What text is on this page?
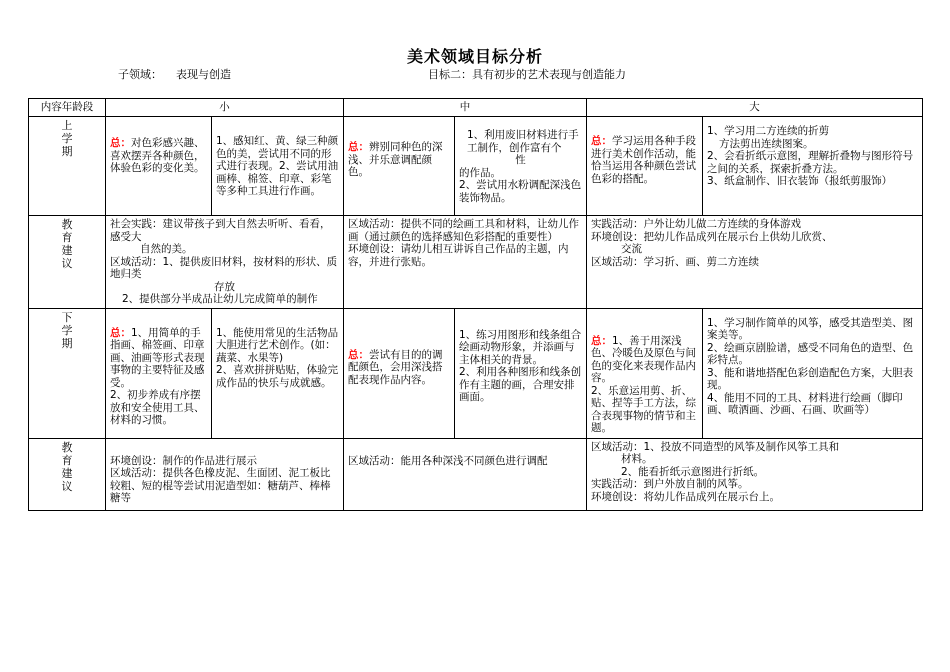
美术领域目标分析
子领域： 表现与创造	目标二：具有初步的艺术表现与创造能力
内容年龄段	小		中		大	
上学期	总：对色彩感兴趣、喜欢摆弄各种颜色，体验色彩的变化美。	1、感知红、黄、绿三种颜色的美，尝试用不同的形式进行表现。2、尝试用油画棒、棉签、印章、彩笔等多种工具进行作画。	总：辨别同种色的深浅、并乐意调配颜色。	1、利用废旧材料进行手工制作，创作富有个
性
的作品。
2、尝试用水粉调配深浅色装饰物品。	总：学习运用各种手段进行美术创作活动，能恰当运用各种颜色尝试色彩的搭配。	1、学习用二方连续的折剪
方法剪出连续图案。
2、会看折纸示意图，理解折叠物与图形符号之间的关系，探索折叠方法。
3、纸盒制作、旧衣装饰（报纸剪服饰）

教育建议	社会实践：建议带孩子到大自然去听听、看看，感受大
自然的美。
区域活动：1、提供废旧材料，按材料的形状、质地归类
存放
2、提供部分半成品让幼儿完成简单的制作		区域活动：提供不同的绘画工具和材料，让幼儿作画（通过颜色的选择感知色彩搭配的重要性）
环境创设：请幼儿相互讲诉自己作品的主题，内容，并进行张贴。		实践活动：户外让幼儿做二方连续的身体游戏
环境创设：把幼儿作品成列在展示台上供幼儿欣赏、
交流
区域活动：学习折、画、剪二方连续	

下学期	总：1、用简单的手指画、棉签画、印章画、油画等形式表现事物的主要特征及感受。
2、初步养成有序摆放和安全使用工具、材料的习惯。	1、能使用常见的生活物品大胆进行艺术创作。(如：蔬菜、水果等)
2、喜欢拼拼贴贴，体验完成作品的快乐与成就感。	总：尝试有目的的调配颜色，会用深浅搭配表现作品内容。	1、练习用图形和线条组合绘画动物形象，并添画与主体相关的背景。
2、利用各种图形和线条创作有主题的画，合理安排画面。	总：1、善于用深浅色、冷暖色及原色与间色的变化来表现作品内容。
2、乐意运用剪、折、贴、捏等手工方法，综合表现事物的情节和主题。	1、学习制作简单的风筝，感受其造型美、图案美等。
2、绘画京剧脸谱，感受不同角色的造型、色彩特点。
3、能和谐地搭配色彩创造配色方案，大胆表现。
4、能用不同的工具、材料进行绘画（脚印画、喷洒画、沙画、石画、吹画等）

教育建议	环境创设：制作的作品进行展示
区域活动：提供各色橡皮泥、生面团、泥工板比较粗、短的棍等尝试用泥造型如：糖葫芦、棒棒糖等		区域活动：能用各种深浅不同颜色进行调配		区域活动：1、投放不同造型的风筝及制作风筝工具和
材料。
2、能看折纸示意图进行折纸。
实践活动：到户外放自制的风筝。
环境创设：将幼儿作品成列在展示台上。	
